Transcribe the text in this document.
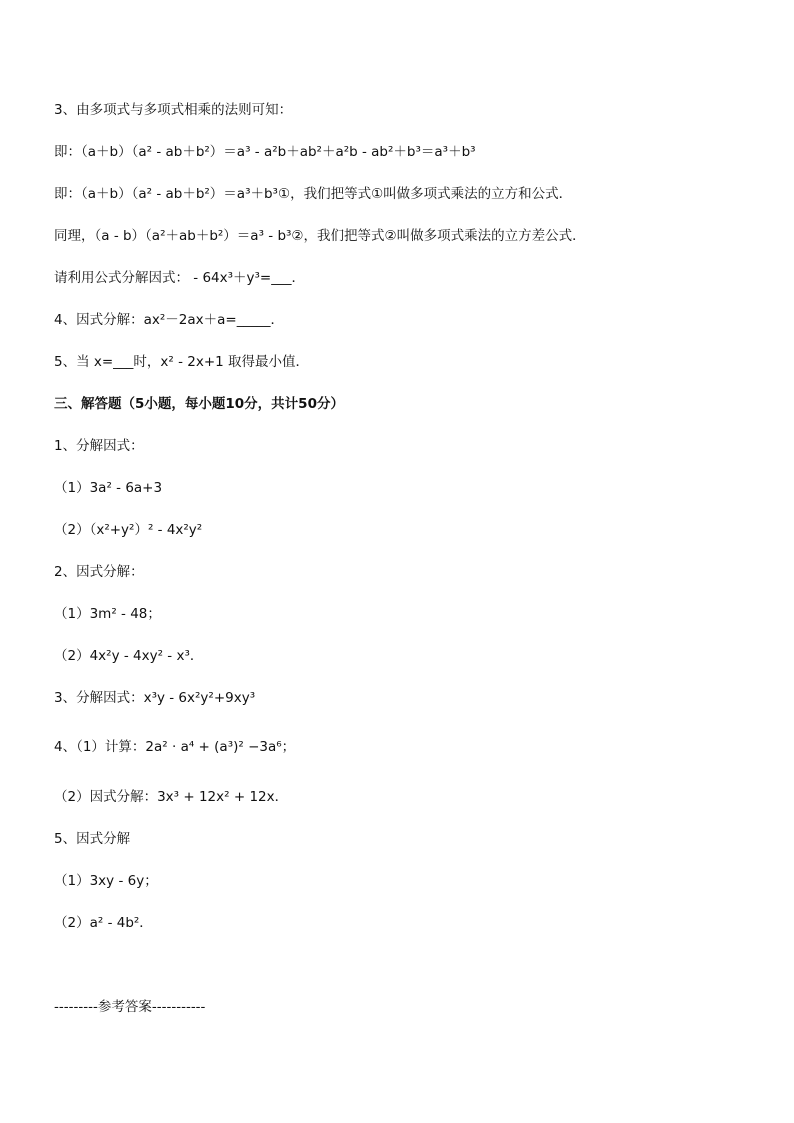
3、由多项式与多项式相乘的法则可知：
即：（a＋b）（a² - ab＋b²）＝a³ - a²b＋ab²＋a²b - ab²＋b³＝a³＋b³
即：（a＋b）（a² - ab＋b²）＝a³＋b³①，我们把等式①叫做多项式乘法的立方和公式．
同理，（a - b）（a²＋ab＋b²）＝a³ - b³②，我们把等式②叫做多项式乘法的立方差公式．
请利用公式分解因式： - 64x³＋y³=___．
4、因式分解：ax²－2ax＋a=_____．
5、当 x=___时，x² - 2x+1 取得最小值．
三、解答题（5小题，每小题10分，共计50分）
1、分解因式：
（1）3a² - 6a+3
（2）（x²+y²）² - 4x²y²
2、因式分解：
（1）3m² - 48；
（2）4x²y - 4xy² - x³．
3、分解因式：x³y - 6x²y²+9xy³
4、（1）计算：2a² · a⁴ + (a³)² −3a⁶；
（2）因式分解：3x³ + 12x² + 12x．
5、因式分解
（1）3xy - 6y；
（2）a² - 4b²．
---------参考答案-----------
